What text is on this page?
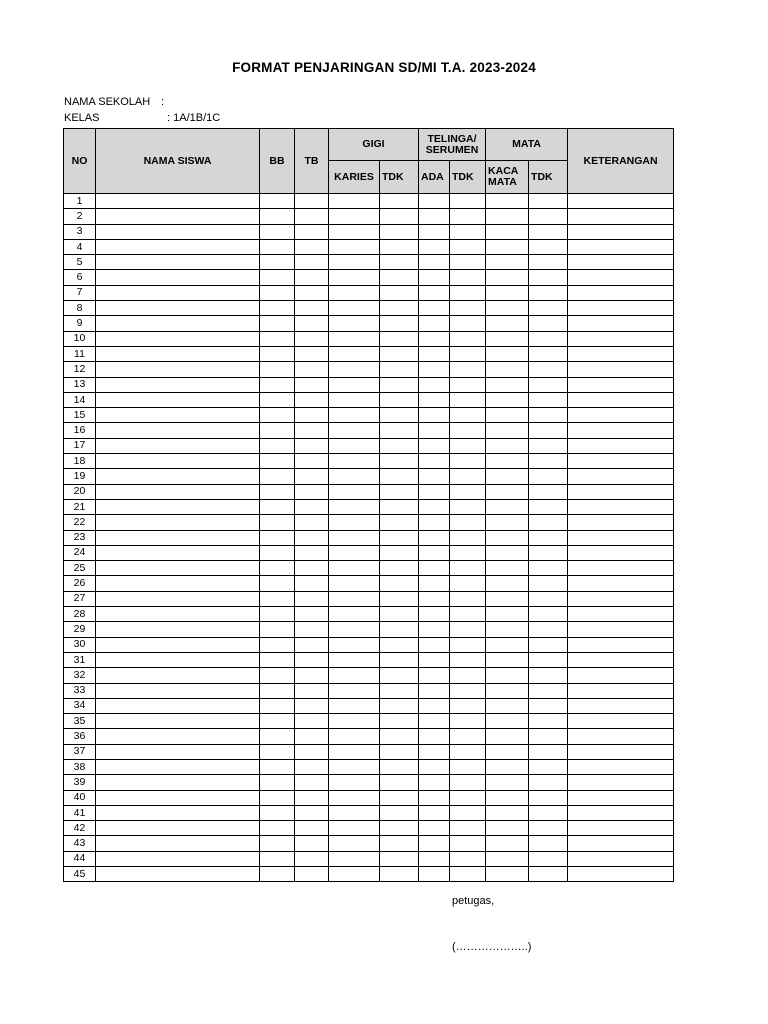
FORMAT PENJARINGAN SD/MI T.A. 2023-2024
NAMA SEKOLAH :
KELAS	: 1A/1B/1C
NO	NAMA SISWA	BB	TB	GIGI		TELINGA/ SERUMEN		MATA		KETERANGAN
				KARIES	TDK	ADA	TDK	KACA MATA	TDK	
1										
2										
3										
4										
5										
6										
7										
8										
9										
10										
11										
12										
13										
14										
15										
16										
17										
18										
19										
20										
21										
22										
23										
24										
25										
26										
27										
28										
29										
30										
31										
32										
33										
34										
35										
36										
37										
38										
39										
40										
41										
42										
43										
44										
45										
petugas,
(………………..)
